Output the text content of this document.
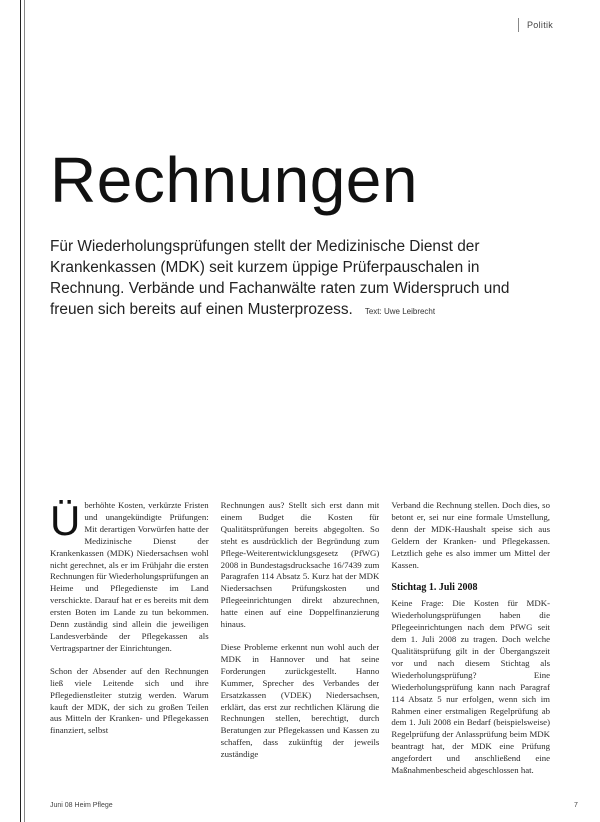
Politik
Rechnungen
Für Wiederholungsprüfungen stellt der Medizinische Dienst der Krankenkassen (MDK) seit kurzem üppige Prüferpauschalen in Rechnung. Verbände und Fachanwälte raten zum Widerspruch und freuen sich bereits auf einen Musterprozess. Text: Uwe Leibrecht

Überhöhte Kosten, verkürzte Fristen und unangekündigte Prüfungen: Mit derartigen Vorwürfen hatte der Medizinische Dienst der Krankenkassen (MDK) Niedersachsen wohl nicht gerechnet, als er im Frühjahr die ersten Rechnungen für Wiederholungsprüfungen an Heime und Pflegedienste im Land verschickte. Darauf hat er es bereits mit dem ersten Boten im Lande zu tun bekommen. Denn zuständig sind allein die jeweiligen Landesverbände der Pflegekassen als Vertragspartner der Einrichtungen.

Schon der Absender auf den Rechnungen ließ viele Leitende sich und ihre Pflegedienstleiter stutzig werden. Warum kauft der MDK, der sich zu großen Teilen aus Mitteln der Kranken- und Pflegekassen finanziert, selbst

Rechnungen aus? Stellt sich erst dann mit einem Budget die Kosten für Qualitätsprüfungen bereits abgegolten. So steht es ausdrücklich der Begründung zum Pflege-Weiterentwicklungsgesetz (PfWG) 2008 in Bundestagsdrucksache 16/7439 zum Paragrafen 114 Absatz 5. Kurz hat der MDK Niedersachsen Prüfungskosten und Pflegeeinrichtungen direkt abzurechnen, hatte einen auf eine Doppelfinanzierung hinaus.

Diese Probleme erkennt nun wohl auch der MDK in Hannover und hat seine Forderungen zurückgestellt. Hanno Kummer, Sprecher des Verbandes der Ersatzkassen (VDEK) Niedersachsen, erklärt, das erst zur rechtlichen Klärung die Rechnungen stellen, berechtigt, durch Beratungen zur Pflegekassen und Kassen zu schaffen, dass zukünftig der jeweils zuständige

Verband die Rechnung stellen. Doch dies, so betont er, sei nur eine formale Umstellung, denn der MDK-Haushalt speise sich aus Geldern der Kranken- und Pflegekassen. Letztlich gehe es also immer um Mittel der Kassen.

Stichtag 1. Juli 2008

Keine Frage: Die Kosten für MDK-Wiederholungsprüfungen haben die Pflegeeinrichtungen nach dem PfWG seit dem 1. Juli 2008 zu tragen. Doch welche Qualitätsprüfung gilt in der Übergangszeit vor und nach diesem Stichtag als Wiederholungsprüfung? Eine Wiederholungsprüfung kann nach Paragraf 114 Absatz 5 nur erfolgen, wenn sich im Rahmen einer erstmaligen Regelprüfung ab dem 1. Juli 2008 ein Bedarf (beispielsweise) Regelprüfung der Anlassprüfung beim MDK beantragt hat, der MDK eine Prüfung angefordert und anschließend eine Maßnahmenbescheid abgeschlossen hat.

Juni 08 Heim Pflege	7
